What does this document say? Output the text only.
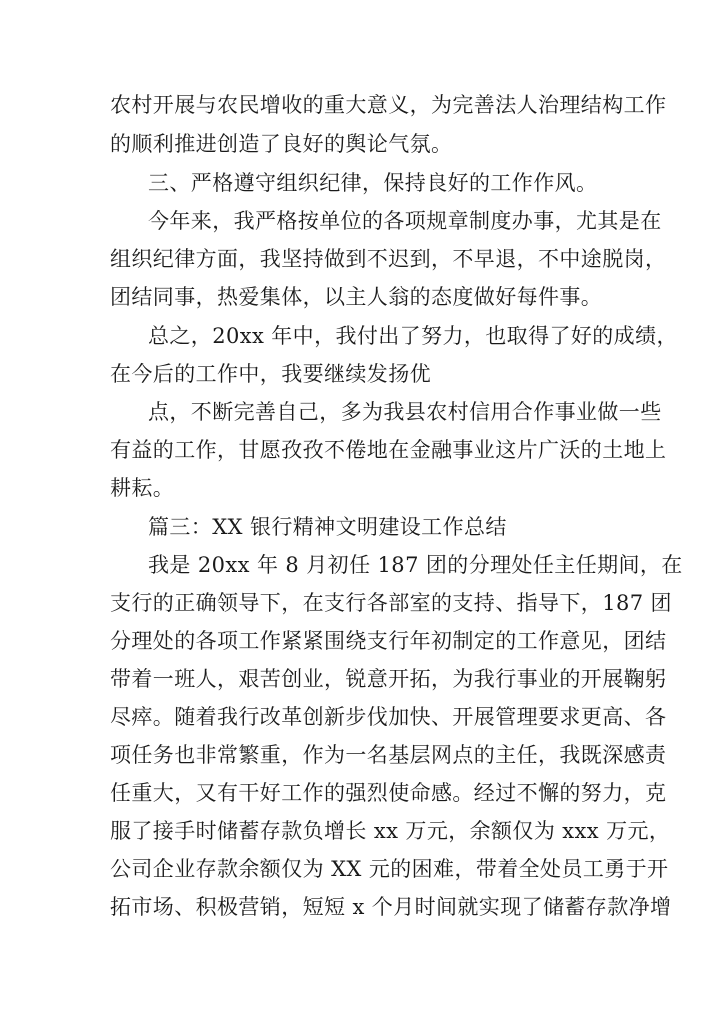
农村开展与农民增收的重大意义，为完善法人治理结构工作
的顺利推进创造了良好的舆论气氛。
三、严格遵守组织纪律，保持良好的工作作风。
今年来，我严格按单位的各项规章制度办事，尤其是在
组织纪律方面，我坚持做到不迟到，不早退，不中途脱岗，
团结同事，热爱集体，以主人翁的态度做好每件事。
总之，20xx 年中，我付出了努力，也取得了好的成绩，
在今后的工作中，我要继续发扬优
点，不断完善自己，多为我县农村信用合作事业做一些
有益的工作，甘愿孜孜不倦地在金融事业这片广沃的土地上
耕耘。
篇三：XX 银行精神文明建设工作总结
我是 20xx 年 8 月初任 187 团的分理处任主任期间，在
支行的正确领导下，在支行各部室的支持、指导下，187 团
分理处的各项工作紧紧围绕支行年初制定的工作意见，团结
带着一班人，艰苦创业，锐意开拓，为我行事业的开展鞠躬
尽瘁。随着我行改革创新步伐加快、开展管理要求更高、各
项任务也非常繁重，作为一名基层网点的主任，我既深感责
任重大，又有干好工作的强烈使命感。经过不懈的努力，克
服了接手时储蓄存款负增长 xx 万元，余额仅为 xxx 万元，
公司企业存款余额仅为 XX 元的困难，带着全处员工勇于开
拓市场、积极营销，短短 x 个月时间就实现了储蓄存款净增
